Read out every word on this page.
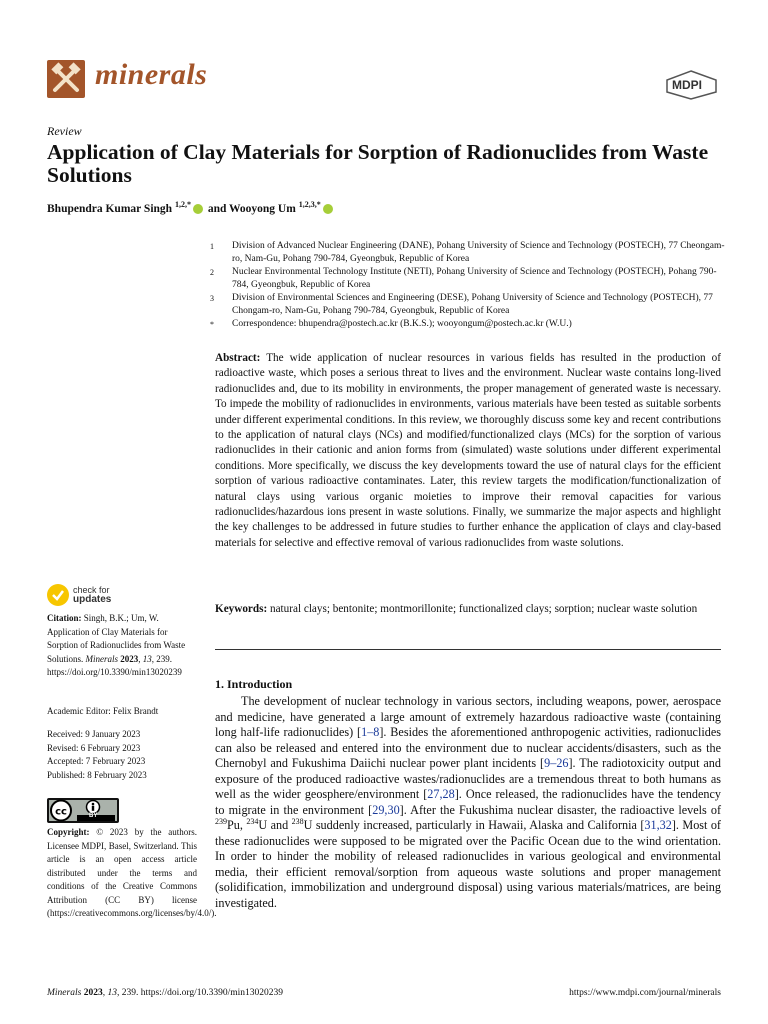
minerals	MDPI
Review
Application of Clay Materials for Sorption of Radionuclides from Waste Solutions
Bhupendra Kumar Singh $^{1,2,*}$ and Wooyong Um $^{1,2,3,*}$
1	Division of Advanced Nuclear Engineering (DANE), Pohang University of Science and Technology (POSTECH), 77 Cheongam-ro, Nam-Gu, Pohang 790-784, Gyeongbuk, Republic of Korea
2	Nuclear Environmental Technology Institute (NETI), Pohang University of Science and Technology (POSTECH), Pohang 790-784, Gyeongbuk, Republic of Korea
3	Division of Environmental Sciences and Engineering (DESE), Pohang University of Science and Technology (POSTECH), 77 Chongam-ro, Nam-Gu, Pohang 790-784, Gyeongbuk, Republic of Korea
*	Correspondence: bhupendra@postech.ac.kr (B.K.S.); wooyongum@postech.ac.kr (W.U.)
Abstract: The wide application of nuclear resources in various fields has resulted in the production of radioactive waste, which poses a serious threat to lives and the environment. Nuclear waste contains long-lived radionuclides and, due to its mobility in environments, the proper management of generated waste is necessary. To impede the mobility of radionuclides in environments, various materials have been tested as suitable sorbents under different experimental conditions. In this review, we thoroughly discuss some key and recent contributions to the application of natural clays (NCs) and modified/functionalized clays (MCs) for the sorption of various radionuclides in their cationic and anion forms from (simulated) waste solutions under different experimental conditions. More specifically, we discuss the key developments toward the use of natural clays for the efficient sorption of various radioactive contaminates. Later, this review targets the modification/functionalization of natural clays using various organic moieties to improve their removal capacities for various radionuclides/hazardous ions present in waste solutions. Finally, we summarize the major aspects and highlight the key challenges to be addressed in future studies to further enhance the application of clays and clay-based materials for selective and effective removal of various radionuclides from waste solutions.
Keywords: natural clays; bentonite; montmorillonite; functionalized clays; sorption; nuclear waste solution
check for
updates
Citation: Singh, B.K.; Um, W. Application of Clay Materials for Sorption of Radionuclides from Waste Solutions. Minerals 2023, 13, 239. https://doi.org/10.3390/min13020239
Academic Editor: Felix Brandt
Received: 9 January 2023
Revised: 6 February 2023
Accepted: 7 February 2023
Published: 8 February 2023
cc	BY
Copyright: © 2023 by the authors. Licensee MDPI, Basel, Switzerland. This article is an open access article distributed under the terms and conditions of the Creative Commons Attribution (CC BY) license (https://creativecommons.org/licenses/by/4.0/).
1. Introduction
The development of nuclear technology in various sectors, including weapons, power, aerospace and medicine, have generated a large amount of extremely hazardous radioactive waste (containing long half-life radionuclides) [1–8]. Besides the aforementioned anthropogenic activities, radionuclides can also be released and entered into the environment due to nuclear accidents/disasters, such as the Chernobyl and Fukushima Daiichi nuclear power plant incidents [9–26]. The radiotoxicity output and exposure of the produced radioactive wastes/radionuclides are a tremendous threat to both humans as well as the wider geosphere/environment [27,28]. Once released, the radionuclides have the tendency to migrate in the environment [29,30]. After the Fukushima nuclear disaster, the radioactive levels of $^{239}$Pu, $^{234}$U and $^{238}$U suddenly increased, particularly in Hawaii, Alaska and California [31,32]. Most of these radionuclides were supposed to be migrated over the Pacific Ocean due to the wind orientation. In order to hinder the mobility of released radionuclides in various geological and environmental media, their efficient removal/sorption from aqueous waste solutions and proper management (solidification, immobilization and underground disposal) using various materials/matrices, are being investigated.
Minerals 2023, 13, 239. https://doi.org/10.3390/min13020239	https://www.mdpi.com/journal/minerals
